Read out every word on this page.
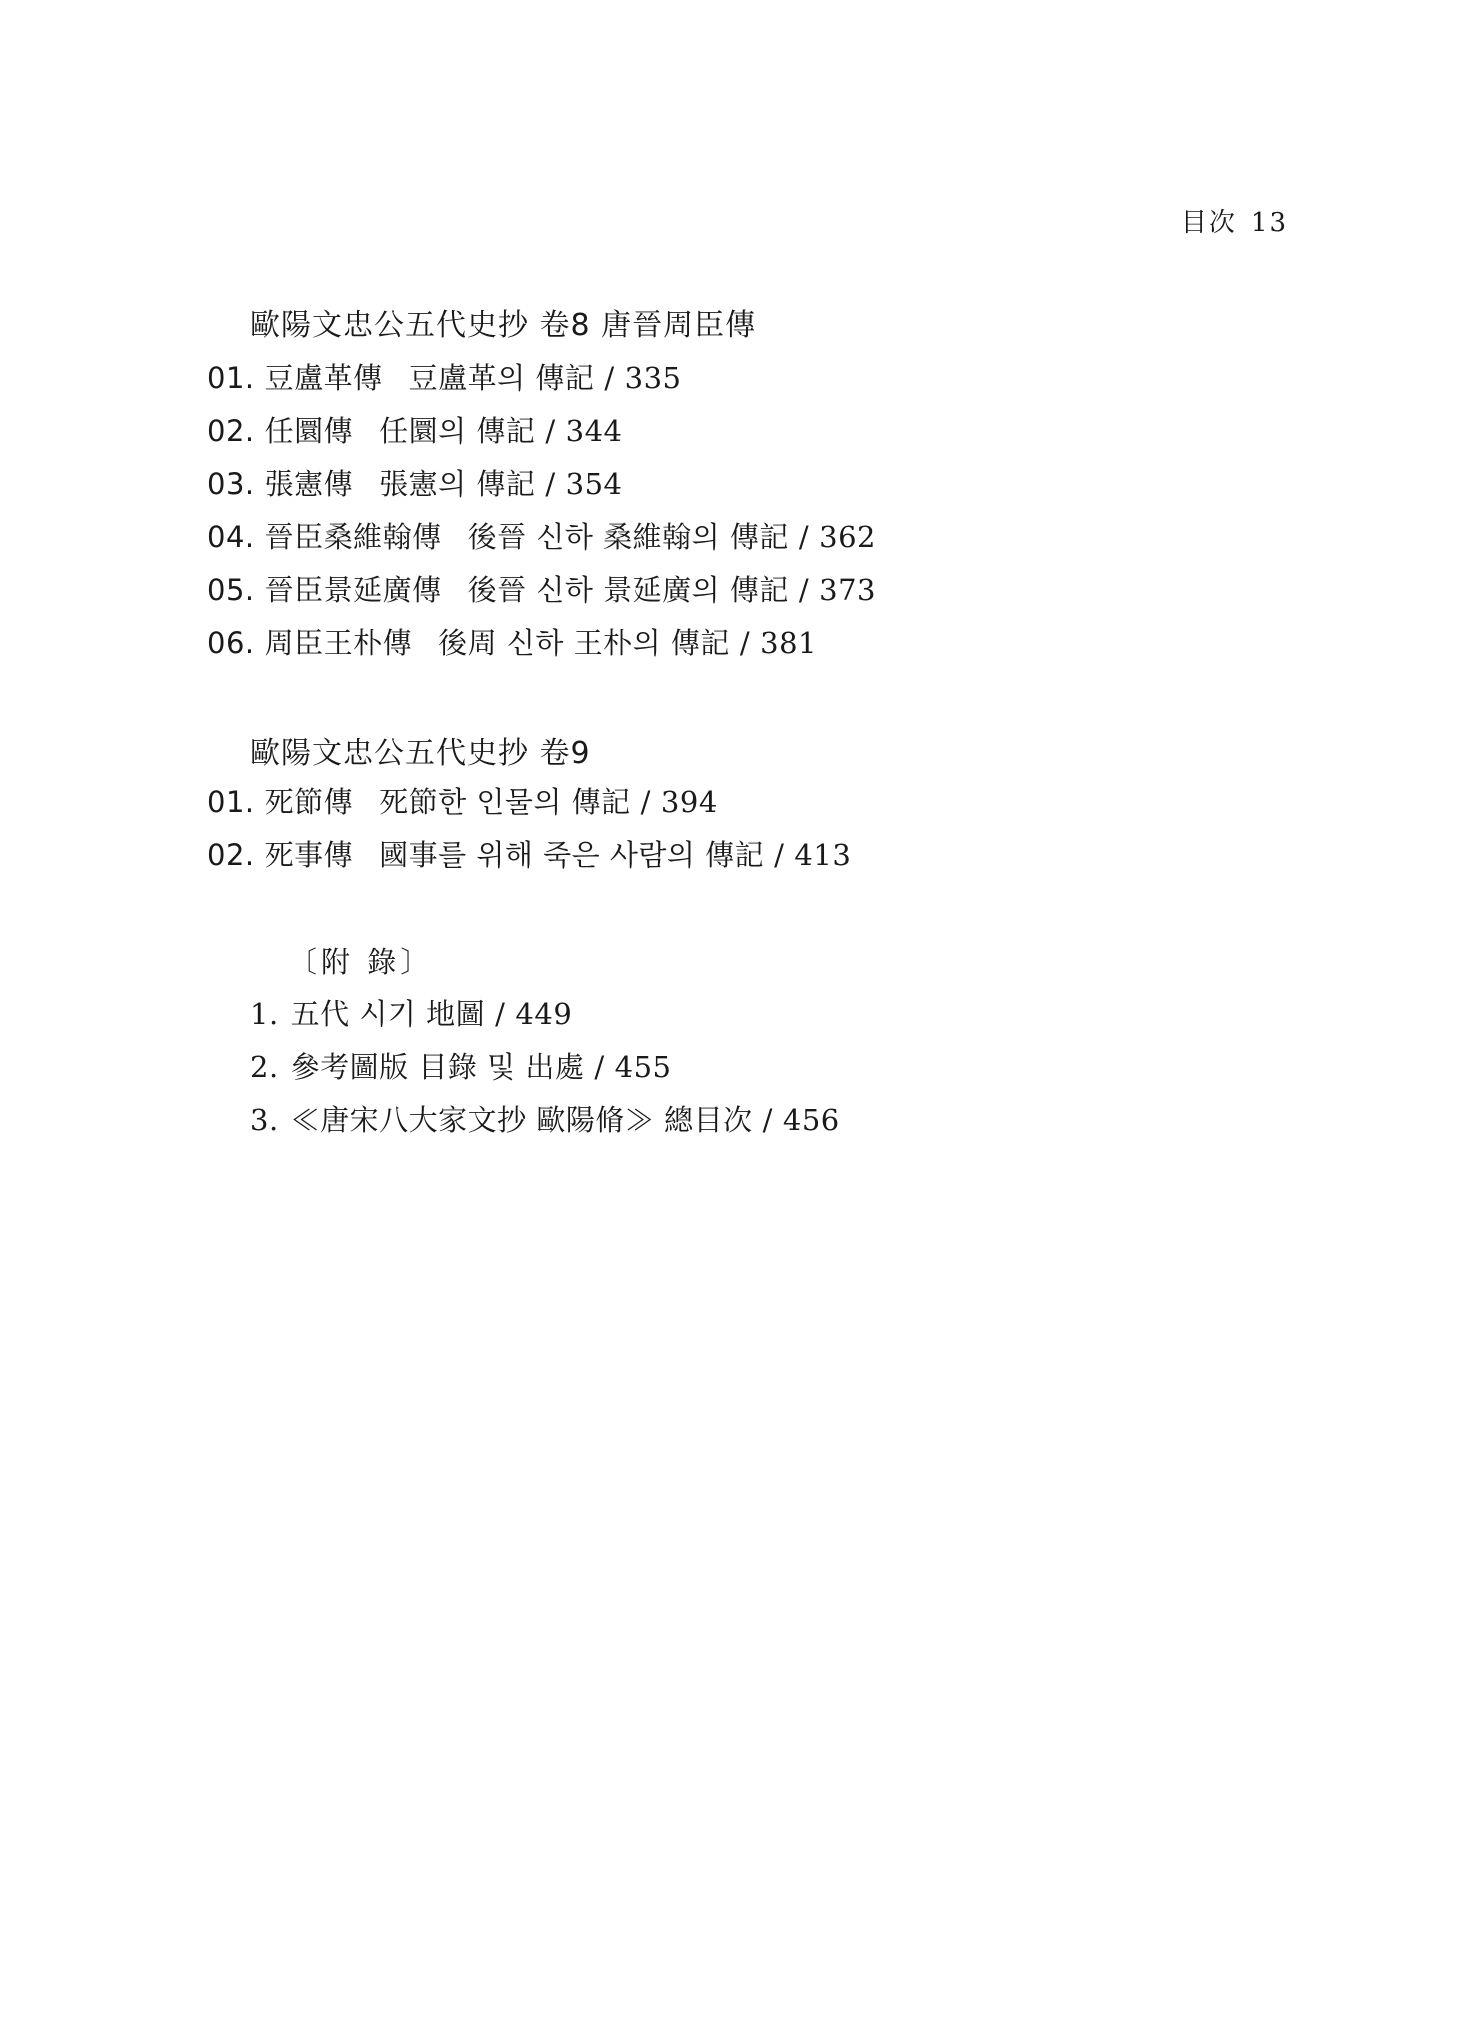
目次 13
歐陽文忠公五代史抄 卷8 唐晉周臣傳
01. 豆盧革傳 豆盧革의 傳記 / 335
02. 任圜傳 任圜의 傳記 / 344
03. 張憲傳 張憲의 傳記 / 354
04. 晉臣桑維翰傳 後晉 신하 桑維翰의 傳記 / 362
05. 晉臣景延廣傳 後晉 신하 景延廣의 傳記 / 373
06. 周臣王朴傳 後周 신하 王朴의 傳記 / 381
歐陽文忠公五代史抄 卷9
01. 死節傳 死節한 인물의 傳記 / 394
02. 死事傳 國事를 위해 죽은 사람의 傳記 / 413
〔附 錄〕
1. 五代 시기 地圖 / 449
2. 參考圖版 目錄 및 出處 / 455
3. ≪唐宋八大家文抄 歐陽脩≫ 總目次 / 456
